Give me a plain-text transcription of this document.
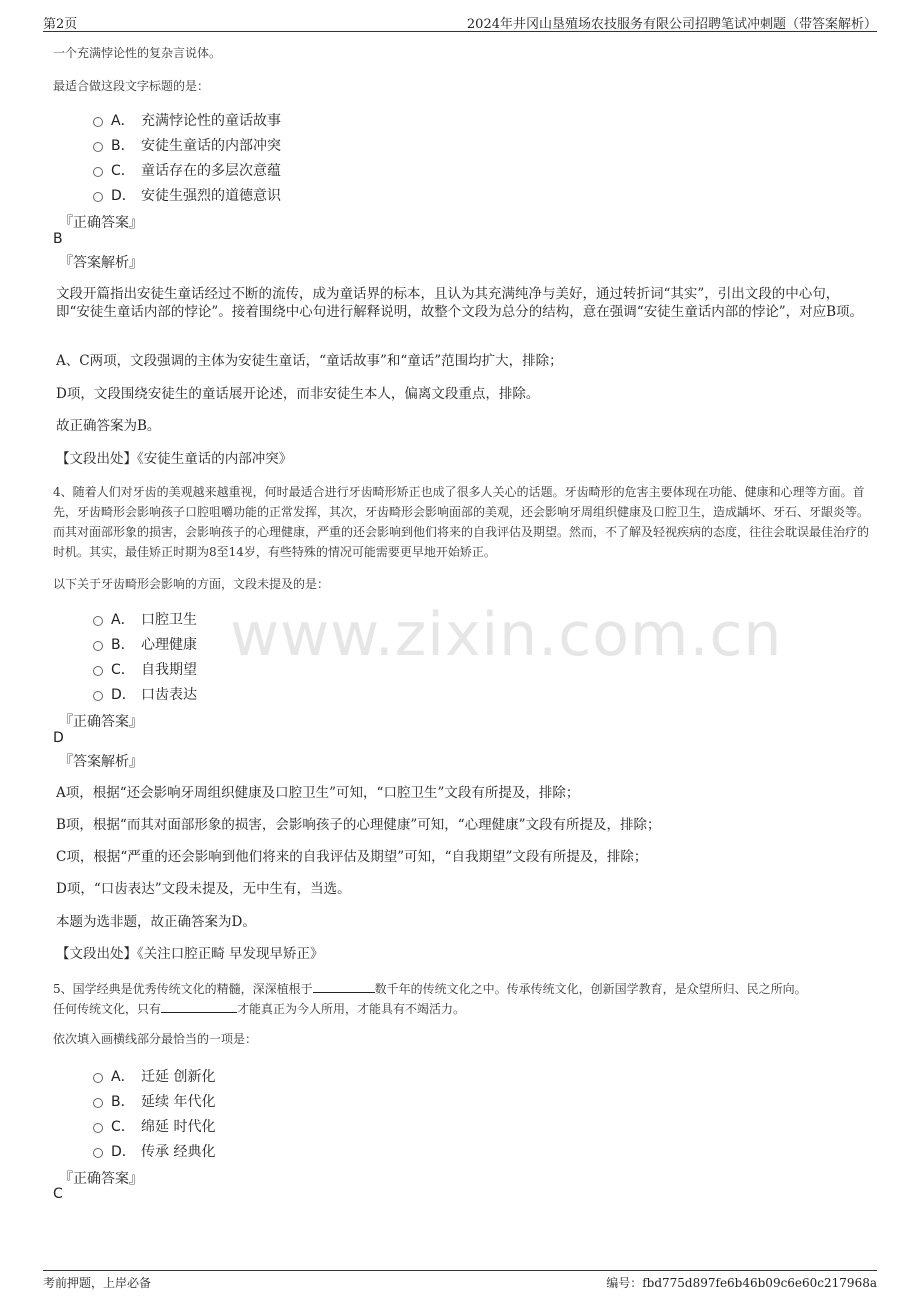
第2页	2024年井冈山垦殖场农技服务有限公司招聘笔试冲刺题（带答案解析）
www.zixin.com.cn
一个充满悖论性的复杂言说体。
最适合做这段文字标题的是：
A． 充满悖论性的童话故事
B． 安徒生童话的内部冲突
C． 童话存在的多层次意蕴
D． 安徒生强烈的道德意识
『正确答案』
B
『答案解析』
文段开篇指出安徒生童话经过不断的流传，成为童话界的标本，且认为其充满纯净与美好，通过转折词“其实”，引出文段的中心句，即“安徒生童话内部的悖论”。接着围绕中心句进行解释说明，故整个文段为总分的结构，意在强调“安徒生童话内部的悖论”，对应B项。
A、C两项，文段强调的主体为安徒生童话，“童话故事”和“童话”范围均扩大，排除；
D项，文段围绕安徒生的童话展开论述，而非安徒生本人，偏离文段重点，排除。
故正确答案为B。
【文段出处】《安徒生童话的内部冲突》
4、随着人们对牙齿的美观越来越重视，何时最适合进行牙齿畸形矫正也成了很多人关心的话题。牙齿畸形的危害主要体现在功能、健康和心理等方面。首先，牙齿畸形会影响孩子口腔咀嚼功能的正常发挥，其次，牙齿畸形会影响面部的美观，还会影响牙周组织健康及口腔卫生，造成龋坏、牙石、牙龈炎等。而其对面部形象的损害，会影响孩子的心理健康，严重的还会影响到他们将来的自我评估及期望。然而，不了解及轻视疾病的态度，往往会耽误最佳治疗的时机。其实，最佳矫正时期为8至14岁，有些特殊的情况可能需要更早地开始矫正。
以下关于牙齿畸形会影响的方面，文段未提及的是：
A． 口腔卫生
B． 心理健康
C． 自我期望
D． 口齿表达
『正确答案』
D
『答案解析』
A项，根据“还会影响牙周组织健康及口腔卫生”可知，“口腔卫生”文段有所提及，排除；
B项，根据“而其对面部形象的损害，会影响孩子的心理健康”可知，“心理健康”文段有所提及，排除；
C项，根据“严重的还会影响到他们将来的自我评估及期望”可知，“自我期望”文段有所提及，排除；
D项，“口齿表达”文段未提及，无中生有，当选。
本题为选非题，故正确答案为D。
【文段出处】《关注口腔正畸 早发现早矫正》
5、国学经典是优秀传统文化的精髓，深深植根于	数千年的传统文化之中。传承传统文化，创新国学教育，是众望所归、民之所向。
任何传统文化，只有	才能真正为今人所用，才能具有不竭活力。
依次填入画横线部分最恰当的一项是：
A． 迁延 创新化
B． 延续 年代化
C． 绵延 时代化
D． 传承 经典化
『正确答案』
C
考前押题，上岸必备	编号：fbd775d897fe6b46b09c6e60c217968a
